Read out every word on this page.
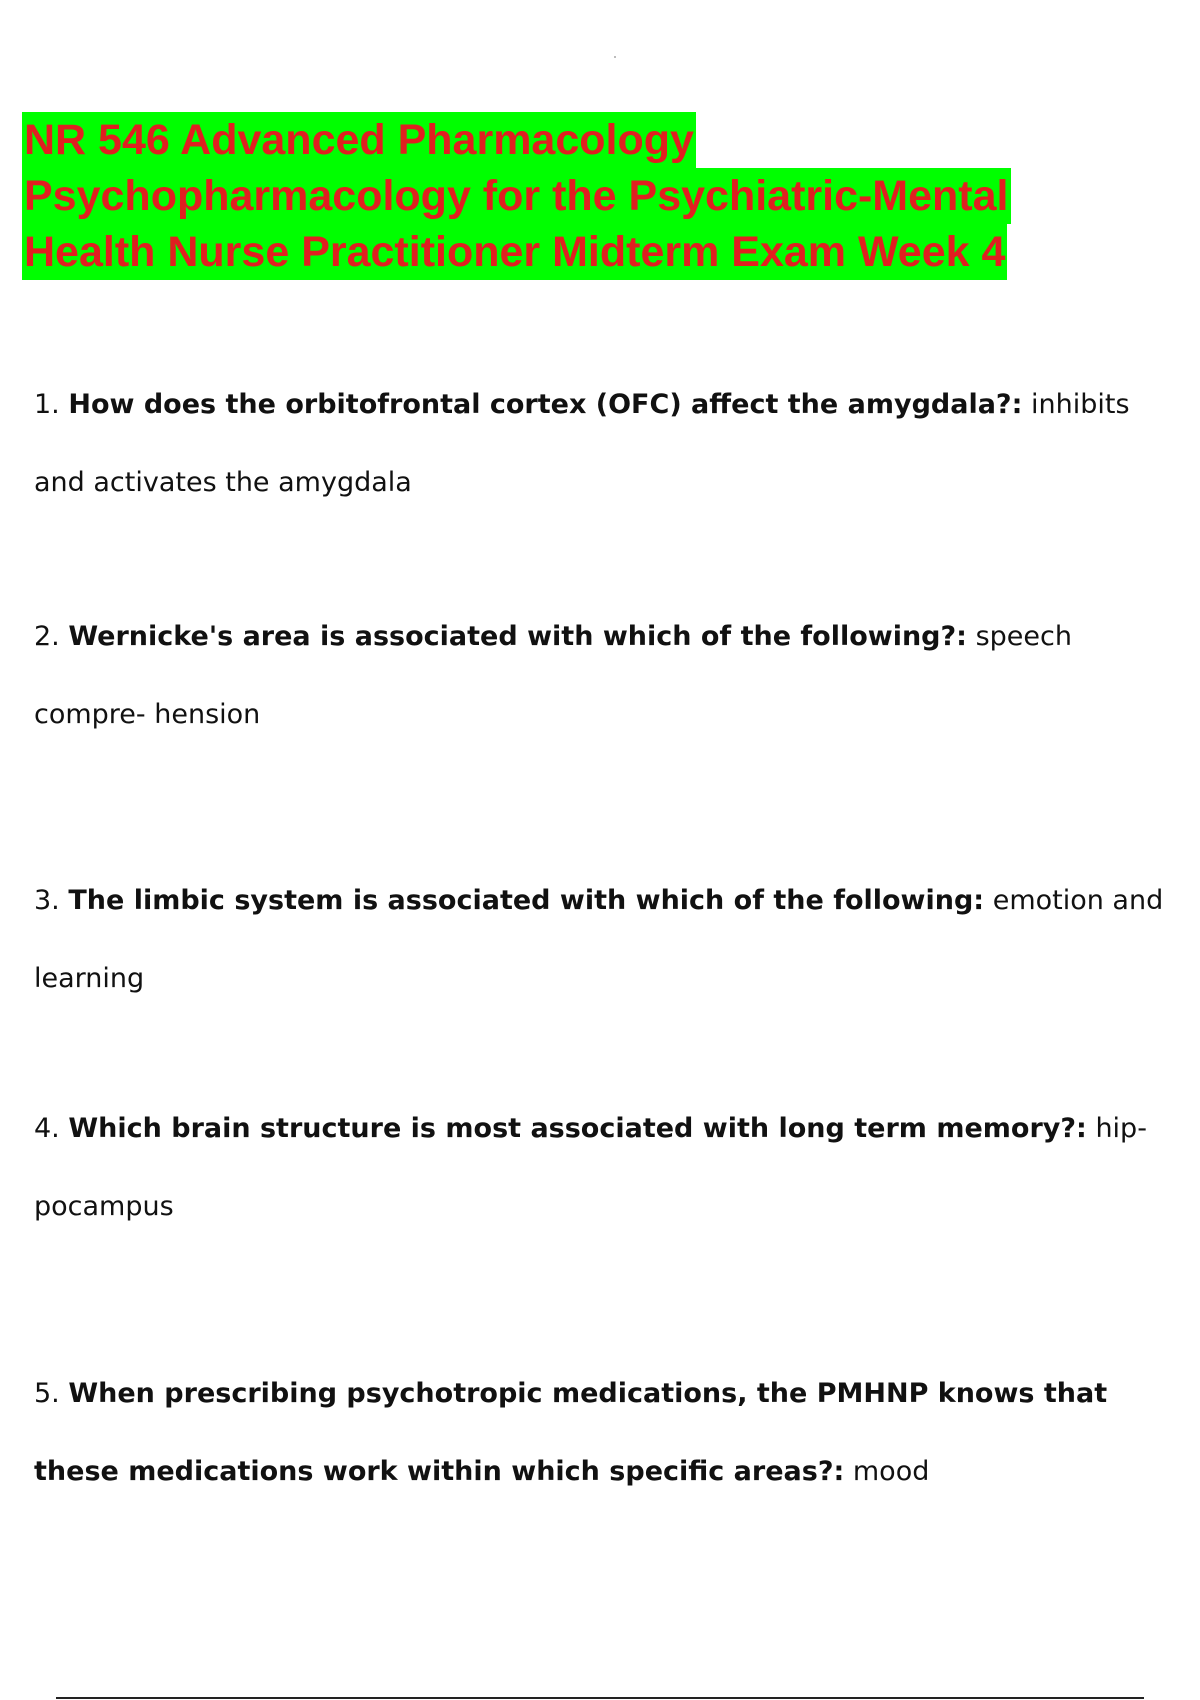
NR 546 Advanced Pharmacology
Psychopharmacology for the Psychiatric-Mental
Health Nurse Practitioner Midterm Exam Week 4
1. How does the orbitofrontal cortex (OFC) affect the amygdala?: inhibits and activates the amygdala
2. Wernicke's area is associated with which of the following?: speech compre- hension
3. The limbic system is associated with which of the following: emotion and learning
4. Which brain structure is most associated with long term memory?: hip- pocampus
5. When prescribing psychotropic medications, the PMHNP knows that these medications work within which specific areas?: mood
